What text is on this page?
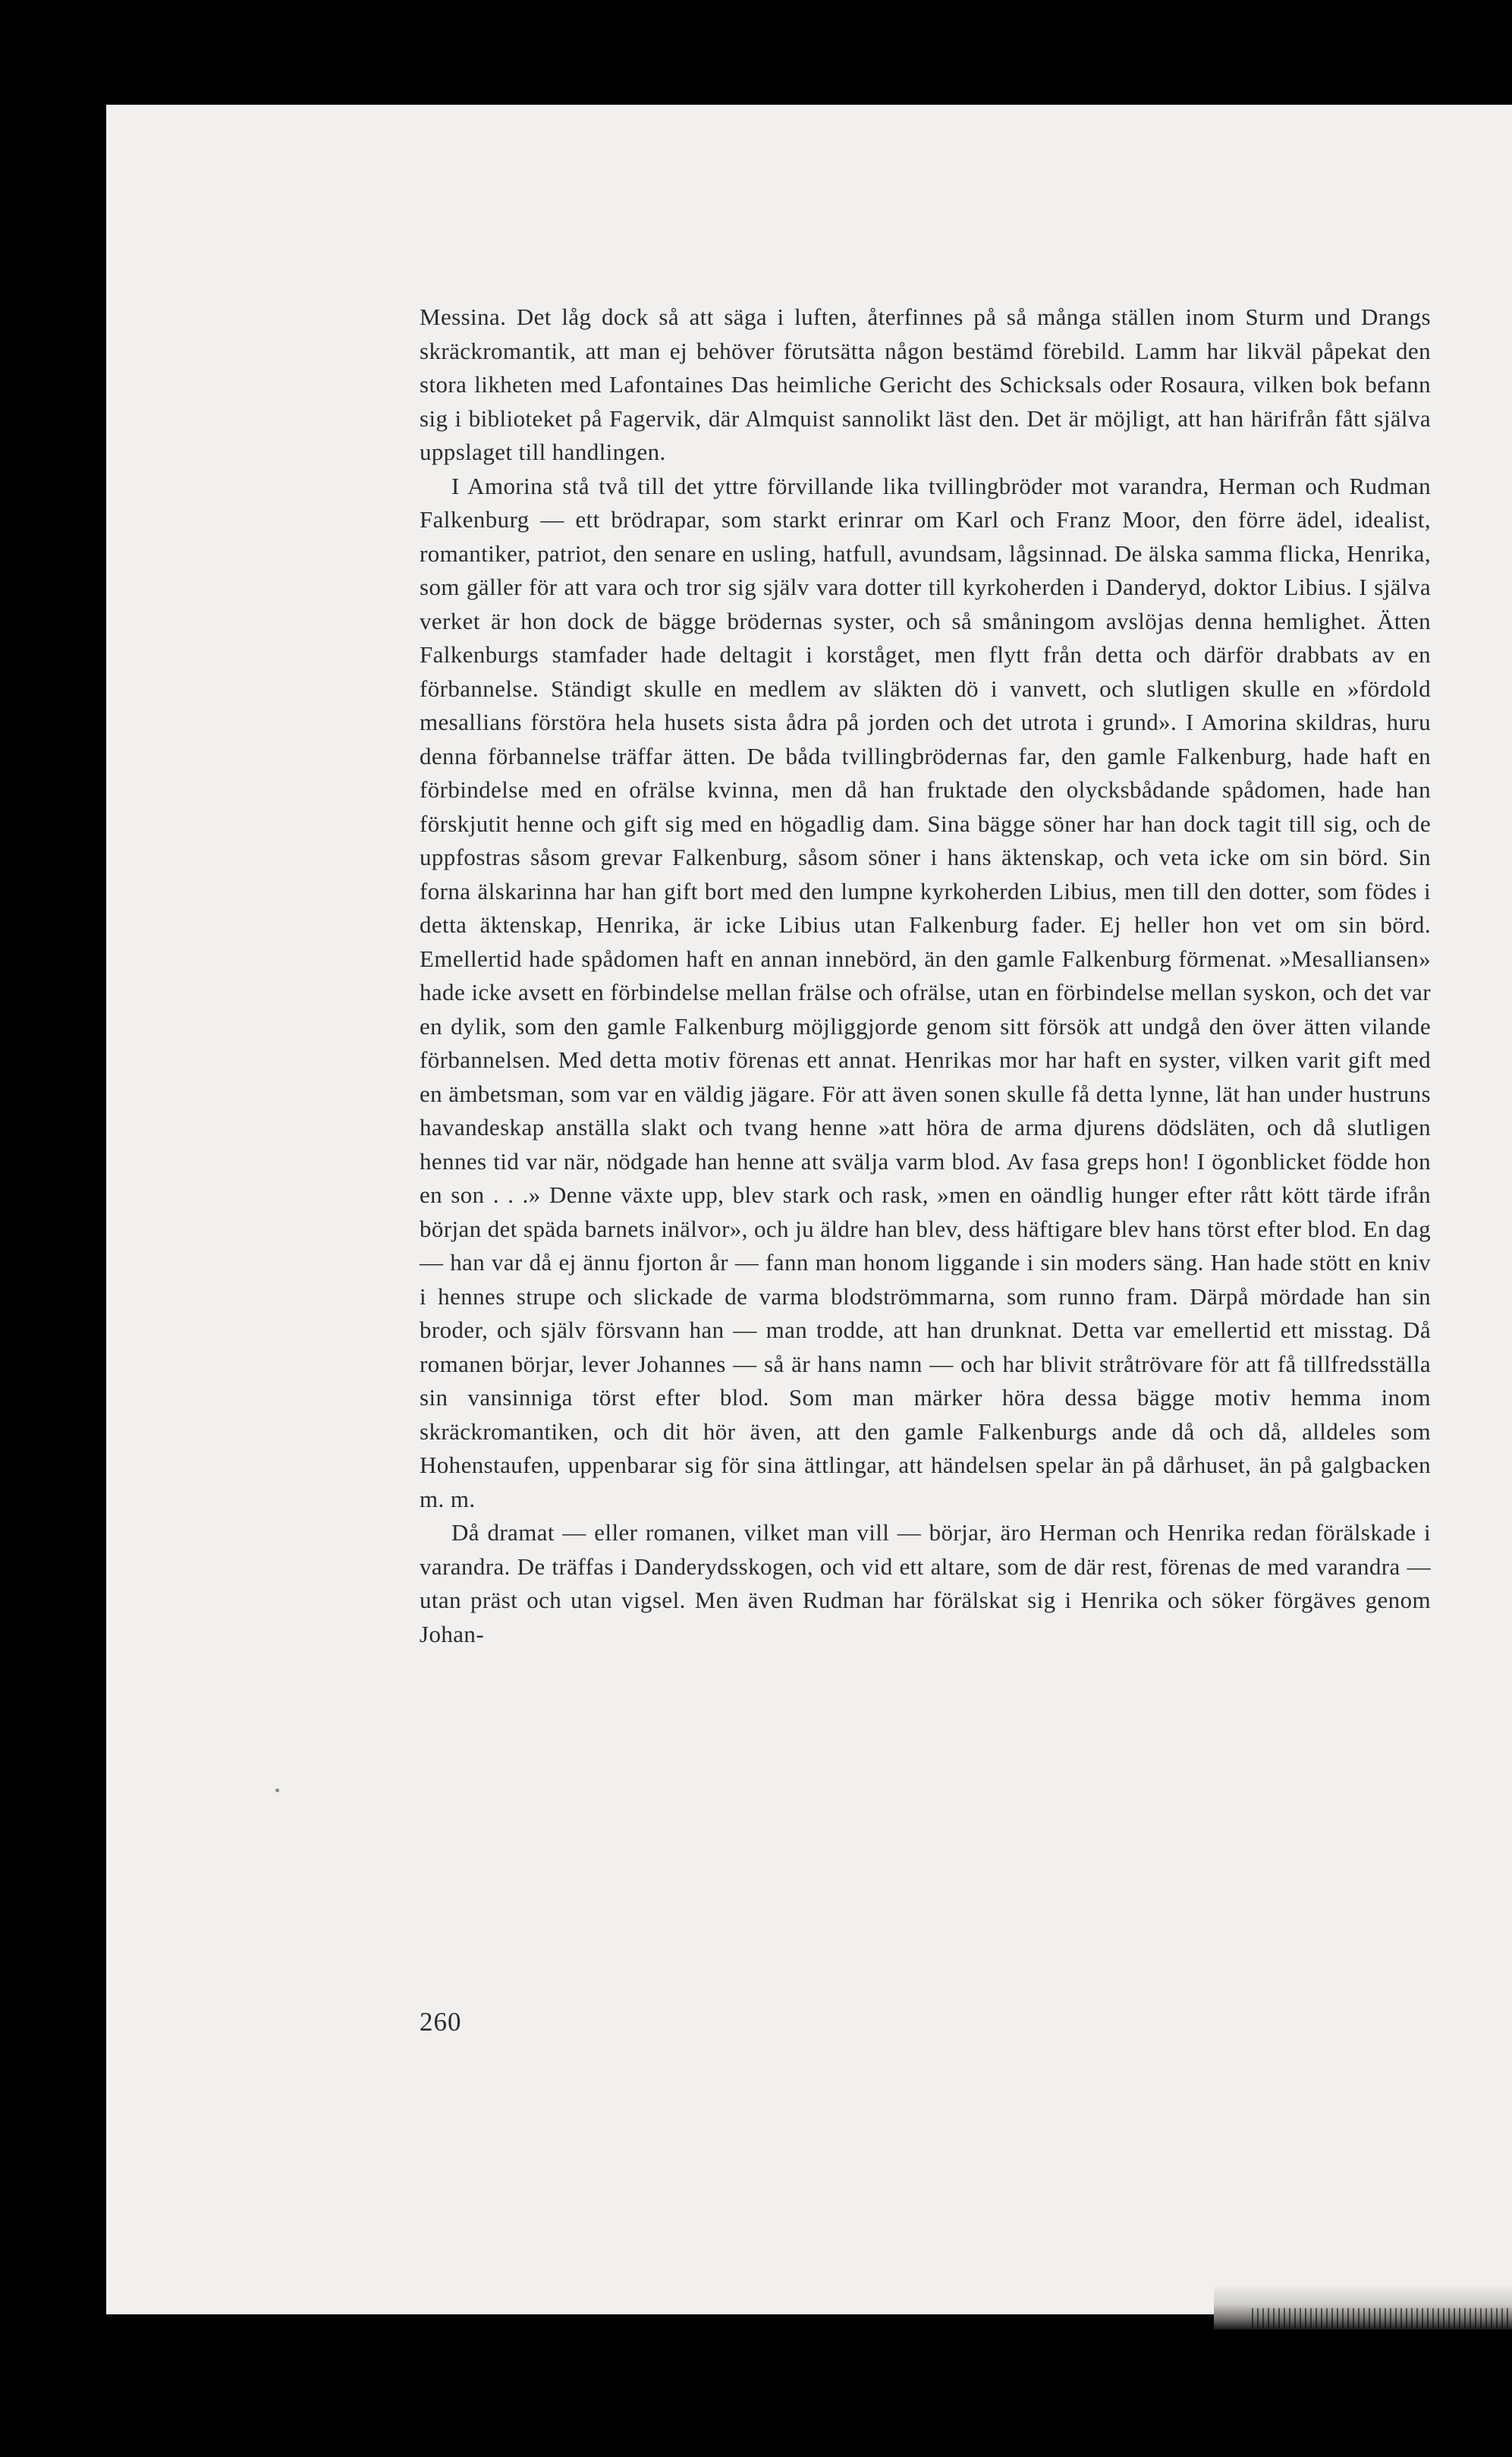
Messina. Det låg dock så att säga i luften, återfinnes på så många ställen inom Sturm und Drangs skräckromantik, att man ej behöver förutsätta någon bestämd förebild. Lamm har likväl påpekat den stora likheten med Lafontaines Das heimliche Gericht des Schicksals oder Rosaura, vilken bok befann sig i biblioteket på Fagervik, där Almquist sannolikt läst den. Det är möjligt, att han härifrån fått själva uppslaget till handlingen.

I Amorina stå två till det yttre förvillande lika tvillingbröder mot varandra, Herman och Rudman Falkenburg — ett brödrapar, som starkt erinrar om Karl och Franz Moor, den förre ädel, idealist, romantiker, patriot, den senare en usling, hatfull, avundsam, lågsinnad. De älska samma flicka, Henrika, som gäller för att vara och tror sig själv vara dotter till kyrkoherden i Danderyd, doktor Libius. I själva verket är hon dock de bägge brödernas syster, och så småningom avslöjas denna hemlighet. Ätten Falkenburgs stamfader hade deltagit i korståget, men flytt från detta och därför drabbats av en förbannelse. Ständigt skulle en medlem av släkten dö i vanvett, och slutligen skulle en »fördold mesallians förstöra hela husets sista ådra på jorden och det utrota i grund». I Amorina skildras, huru denna förbannelse träffar ätten. De båda tvillingbrödernas far, den gamle Falkenburg, hade haft en förbindelse med en ofrälse kvinna, men då han fruktade den olycksbådande spådomen, hade han förskjutit henne och gift sig med en högadlig dam. Sina bägge söner har han dock tagit till sig, och de uppfostras såsom grevar Falkenburg, såsom söner i hans äktenskap, och veta icke om sin börd. Sin forna älskarinna har han gift bort med den lumpne kyrkoherden Libius, men till den dotter, som födes i detta äktenskap, Henrika, är icke Libius utan Falkenburg fader. Ej heller hon vet om sin börd. Emellertid hade spådomen haft en annan innebörd, än den gamle Falkenburg förmenat. »Mesalliansen» hade icke avsett en förbindelse mellan frälse och ofrälse, utan en förbindelse mellan syskon, och det var en dylik, som den gamle Falkenburg möjliggjorde genom sitt försök att undgå den över ätten vilande förbannelsen. Med detta motiv förenas ett annat. Henrikas mor har haft en syster, vilken varit gift med en ämbetsman, som var en väldig jägare. För att även sonen skulle få detta lynne, lät han under hustruns havandeskap anställa slakt och tvang henne »att höra de arma djurens dödsläten, och då slutligen hennes tid var när, nödgade han henne att svälja varm blod. Av fasa greps hon! I ögonblicket födde hon en son . . .» Denne växte upp, blev stark och rask, »men en oändlig hunger efter rått kött tärde ifrån början det späda barnets inälvor», och ju äldre han blev, dess häftigare blev hans törst efter blod. En dag — han var då ej ännu fjorton år — fann man honom liggande i sin moders säng. Han hade stött en kniv i hennes strupe och slickade de varma blodströmmarna, som runno fram. Därpå mördade han sin broder, och själv försvann han — man trodde, att han drunknat. Detta var emellertid ett misstag. Då romanen börjar, lever Johannes — så är hans namn — och har blivit stråtrövare för att få tillfredsställa sin vansinniga törst efter blod. Som man märker höra dessa bägge motiv hemma inom skräckromantiken, och dit hör även, att den gamle Falkenburgs ande då och då, alldeles som Hohenstaufen, uppenbarar sig för sina ättlingar, att händelsen spelar än på dårhuset, än på galgbacken m. m.

Då dramat — eller romanen, vilket man vill — börjar, äro Herman och Henrika redan förälskade i varandra. De träffas i Danderydsskogen, och vid ett altare, som de där rest, förenas de med varandra — utan präst och utan vigsel. Men även Rudman har förälskat sig i Henrika och söker förgäves genom Johan-

260
